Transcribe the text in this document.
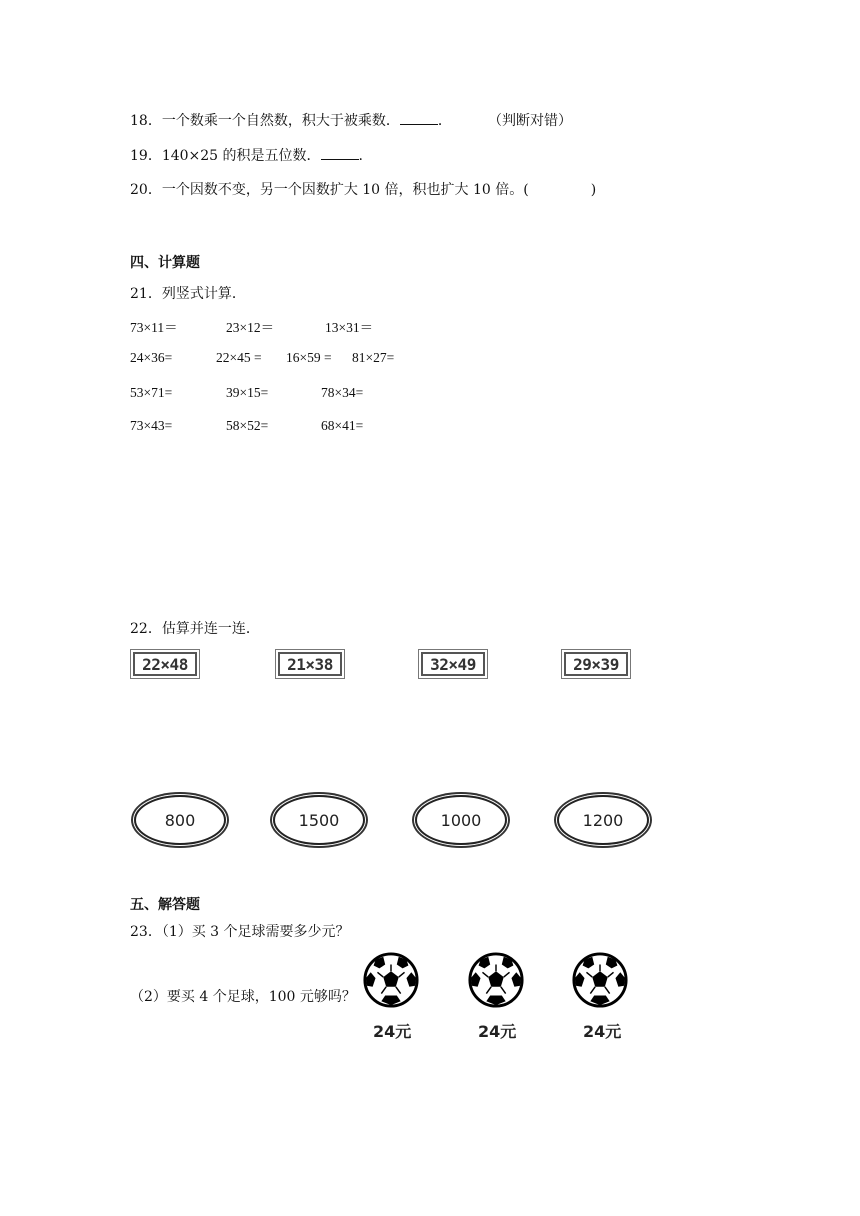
18．一个数乘一个自然数，积大于被乘数．	．	（判断对错）
19．140×25 的积是五位数．	.
20．一个因数不变，另一个因数扩大 10 倍，积也扩大 10 倍。(	)
四、计算题
21．列竖式计算．
73×11＝	23×12＝	13×31＝
24×36=	22×45 = 16×59 = 81×27=
53×71=	39×15=	78×34=
73×43=	58×52=	68×41=
22．估算并连一连．
22×48	21×38	32×49	29×39
800	1500	1000	1200
五、解答题
23．（1）买 3 个足球需要多少元？
（2）要买 4 个足球，100 元够吗？
24元	24元	24元
